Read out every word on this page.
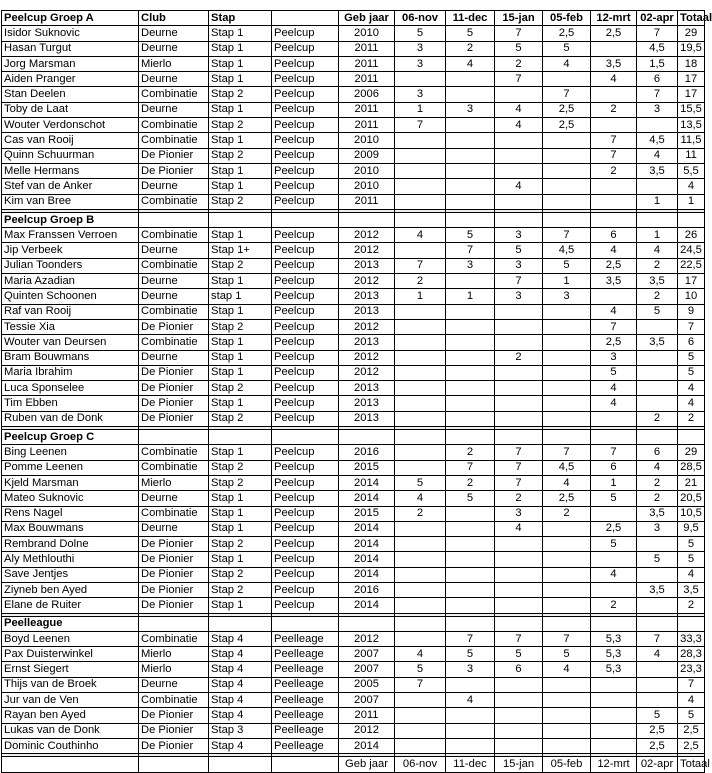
Peelcup Groep A	Club	Stap		Geb jaar	06-nov	11-dec	15-jan	05-feb	12-mrt	02-apr	Totaal
Isidor Suknovic	Deurne	Stap 1	Peelcup	2010	5	5	7	2,5	2,5	7	29
Hasan Turgut	Deurne	Stap 1	Peelcup	2011	3	2	5	5		4,5	19,5
Jorg Marsman	Mierlo	Stap 1	Peelcup	2011	3	4	2	4	3,5	1,5	18
Aiden Pranger	Deurne	Stap 1	Peelcup	2011			7		4	6	17
Stan Deelen	Combinatie	Stap 2	Peelcup	2006	3			7		7	17
Toby de Laat	Deurne	Stap 1	Peelcup	2011	1	3	4	2,5	2	3	15,5
Wouter Verdonschot	Combinatie	Stap 2	Peelcup	2011	7		4	2,5			13,5
Cas van Rooij	Combinatie	Stap 1	Peelcup	2010					7	4,5	11,5
Quinn Schuurman	De Pionier	Stap 2	Peelcup	2009					7	4	11
Melle Hermans	De Pionier	Stap 1	Peelcup	2010					2	3,5	5,5
Stef van de Anker	Deurne	Stap 1	Peelcup	2010			4				4
Kim van Bree	Combinatie	Stap 2	Peelcup	2011						1	1

Peelcup Groep B											
Max Franssen Verroen	Combinatie	Stap 1	Peelcup	2012	4	5	3	7	6	1	26
Jip Verbeek	Deurne	Stap 1+	Peelcup	2012		7	5	4,5	4	4	24,5
Julian Toonders	Combinatie	Stap 2	Peelcup	2013	7	3	3	5	2,5	2	22,5
Maria Azadian	Deurne	Stap 1	Peelcup	2012	2		7	1	3,5	3,5	17
Quinten Schoonen	Deurne	stap 1	Peelcup	2013	1	1	3	3		2	10
Raf van Rooij	Combinatie	Stap 1	Peelcup	2013					4	5	9
Tessie Xia	De Pionier	Stap 2	Peelcup	2012					7		7
Wouter van Deursen	Combinatie	Stap 1	Peelcup	2013					2,5	3,5	6
Bram Bouwmans	Deurne	Stap 1	Peelcup	2012			2		3		5
Maria Ibrahim	De Pionier	Stap 1	Peelcup	2012					5		5
Luca Sponselee	De Pionier	Stap 2	Peelcup	2013					4		4
Tim Ebben	De Pionier	Stap 1	Peelcup	2013					4		4
Ruben van de Donk	De Pionier	Stap 2	Peelcup	2013						2	2

Peelcup Groep C											
Bing Leenen	Combinatie	Stap 1	Peelcup	2016		2	7	7	7	6	29
Pomme Leenen	Combinatie	Stap 2	Peelcup	2015		7	7	4,5	6	4	28,5
Kjeld Marsman	Mierlo	Stap 2	Peelcup	2014	5	2	7	4	1	2	21
Mateo Suknovic	Deurne	Stap 1	Peelcup	2014	4	5	2	2,5	5	2	20,5
Rens Nagel	Combinatie	Stap 1	Peelcup	2015	2		3	2		3,5	10,5
Max Bouwmans	Deurne	Stap 1	Peelcup	2014			4		2,5	3	9,5
Rembrand Dolne	De Pionier	Stap 2	Peelcup	2014					5		5
Aly Methlouthi	De Pionier	Stap 1	Peelcup	2014						5	5
Save Jentjes	De Pionier	Stap 2	Peelcup	2014					4		4
Ziyneb ben Ayed	De Pionier	Stap 2	Peelcup	2016						3,5	3,5
Elane de Ruiter	De Pionier	Stap 1	Peelcup	2014					2		2

Peelleague											
Boyd Leenen	Combinatie	Stap 4	Peelleage	2012		7	7	7	5,3	7	33,3
Pax Duisterwinkel	Mierlo	Stap 4	Peelleage	2007	4	5	5	5	5,3	4	28,3
Ernst Siegert	Mierlo	Stap 4	Peelleage	2007	5	3	6	4	5,3		23,3
Thijs van de Broek	Deurne	Stap 4	Peelleage	2005	7						7
Jur van de Ven	Combinatie	Stap 4	Peelleage	2007		4					4
Rayan ben Ayed	De Pionier	Stap 4	Peelleage	2011						5	5
Lukas van de Donk	De Pionier	Stap 3	Peelleage	2012						2,5	2,5
Dominic Couthinho	De Pionier	Stap 4	Peelleage	2014						2,5	2,5

				Geb jaar	06-nov	11-dec	15-jan	05-feb	12-mrt	02-apr	Totaal
